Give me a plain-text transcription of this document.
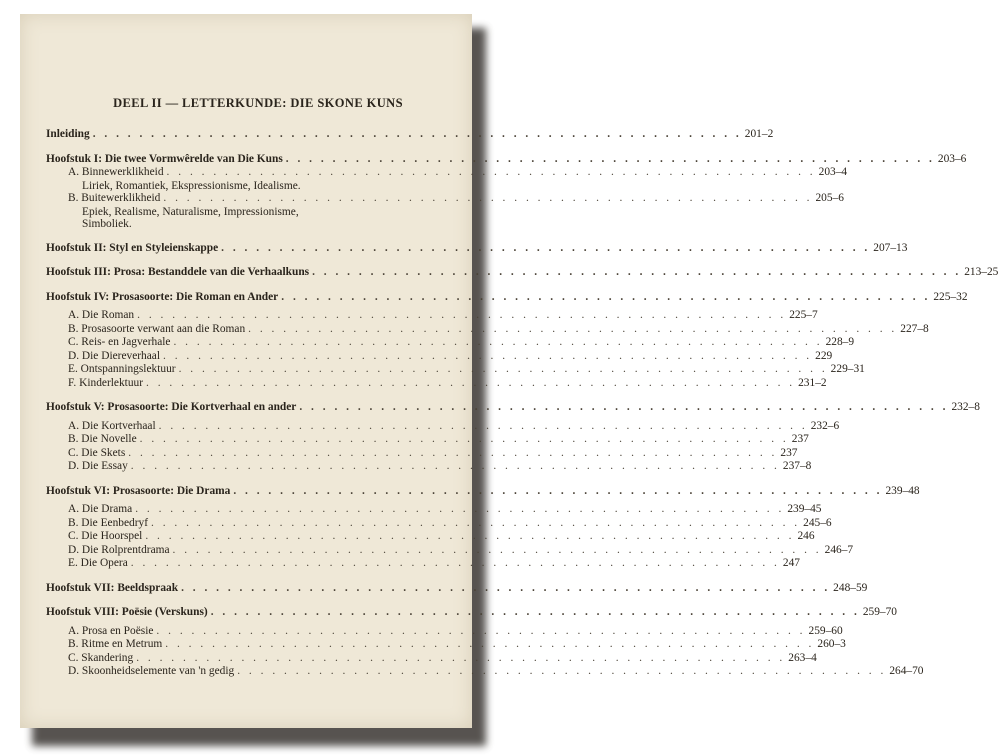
DEEL II — LETTERKUNDE: DIE SKONE KUNS
Inleiding . . . . . . . . . . . . . . . . . . . . . . . . . . . . . . . . . . . . . . . . . . . . . . . . . . . . . . . . 201–2
Hoofstuk I: Die twee Vormwêrelde van Die Kuns . . . . . . . . . . . . . . . . . . . . . . . . . . . . . . . . . . . . . . . . . . . . . . . . . . . . . . . . 203–6
A. Binnewerklikheid . . . . . . . . . . . . . . . . . . . . . . . . . . . . . . . . . . . . . . . . . . . . . . . . . . . . . . . . 203–4
Liriek, Romantiek, Ekspressionisme, Idealisme.
B. Buitewerklikheid . . . . . . . . . . . . . . . . . . . . . . . . . . . . . . . . . . . . . . . . . . . . . . . . . . . . . . . . 205–6
Epiek, Realisme, Naturalisme, Impressionisme,
Simboliek.
Hoofstuk II: Styl en Styleienskappe . . . . . . . . . . . . . . . . . . . . . . . . . . . . . . . . . . . . . . . . . . . . . . . . . . . . . . . . 207–13
Hoofstuk III: Prosa: Bestanddele van die Verhaalkuns . . . . . . . . . . . . . . . . . . . . . . . . . . . . . . . . . . . . . . . . . . . . . . . . . . . . . . . . 213–25
Hoofstuk IV: Prosasoorte: Die Roman en Ander . . . . . . . . . . . . . . . . . . . . . . . . . . . . . . . . . . . . . . . . . . . . . . . . . . . . . . . . 225–32
A. Die Roman . . . . . . . . . . . . . . . . . . . . . . . . . . . . . . . . . . . . . . . . . . . . . . . . . . . . . . . . 225–7
B. Prosasoorte verwant aan die Roman . . . . . . . . . . . . . . . . . . . . . . . . . . . . . . . . . . . . . . . . . . . . . . . . . . . . . . . . 227–8
C. Reis- en Jagverhale . . . . . . . . . . . . . . . . . . . . . . . . . . . . . . . . . . . . . . . . . . . . . . . . . . . . . . . . 228–9
D. Die Diereverhaal . . . . . . . . . . . . . . . . . . . . . . . . . . . . . . . . . . . . . . . . . . . . . . . . . . . . . . . . 229
E. Ontspanningslektuur . . . . . . . . . . . . . . . . . . . . . . . . . . . . . . . . . . . . . . . . . . . . . . . . . . . . . . . . 229–31
F. Kinderlektuur . . . . . . . . . . . . . . . . . . . . . . . . . . . . . . . . . . . . . . . . . . . . . . . . . . . . . . . . 231–2
Hoofstuk V: Prosasoorte: Die Kortverhaal en ander . . . . . . . . . . . . . . . . . . . . . . . . . . . . . . . . . . . . . . . . . . . . . . . . . . . . . . . . 232–8
A. Die Kortverhaal . . . . . . . . . . . . . . . . . . . . . . . . . . . . . . . . . . . . . . . . . . . . . . . . . . . . . . . . 232–6
B. Die Novelle . . . . . . . . . . . . . . . . . . . . . . . . . . . . . . . . . . . . . . . . . . . . . . . . . . . . . . . . 237
C. Die Skets . . . . . . . . . . . . . . . . . . . . . . . . . . . . . . . . . . . . . . . . . . . . . . . . . . . . . . . . 237
D. Die Essay . . . . . . . . . . . . . . . . . . . . . . . . . . . . . . . . . . . . . . . . . . . . . . . . . . . . . . . . 237–8
Hoofstuk VI: Prosasoorte: Die Drama . . . . . . . . . . . . . . . . . . . . . . . . . . . . . . . . . . . . . . . . . . . . . . . . . . . . . . . . 239–48
A. Die Drama . . . . . . . . . . . . . . . . . . . . . . . . . . . . . . . . . . . . . . . . . . . . . . . . . . . . . . . . 239–45
B. Die Eenbedryf . . . . . . . . . . . . . . . . . . . . . . . . . . . . . . . . . . . . . . . . . . . . . . . . . . . . . . . . 245–6
C. Die Hoorspel . . . . . . . . . . . . . . . . . . . . . . . . . . . . . . . . . . . . . . . . . . . . . . . . . . . . . . . . 246
D. Die Rolprentdrama . . . . . . . . . . . . . . . . . . . . . . . . . . . . . . . . . . . . . . . . . . . . . . . . . . . . . . . . 246–7
E. Die Opera . . . . . . . . . . . . . . . . . . . . . . . . . . . . . . . . . . . . . . . . . . . . . . . . . . . . . . . . 247
Hoofstuk VII: Beeldspraak . . . . . . . . . . . . . . . . . . . . . . . . . . . . . . . . . . . . . . . . . . . . . . . . . . . . . . . . 248–59
Hoofstuk VIII: Poësie (Verskuns) . . . . . . . . . . . . . . . . . . . . . . . . . . . . . . . . . . . . . . . . . . . . . . . . . . . . . . . . 259–70
A. Prosa en Poësie . . . . . . . . . . . . . . . . . . . . . . . . . . . . . . . . . . . . . . . . . . . . . . . . . . . . . . . . 259–60
B. Ritme en Metrum . . . . . . . . . . . . . . . . . . . . . . . . . . . . . . . . . . . . . . . . . . . . . . . . . . . . . . . . 260–3
C. Skandering . . . . . . . . . . . . . . . . . . . . . . . . . . . . . . . . . . . . . . . . . . . . . . . . . . . . . . . . 263–4
D. Skoonheidselemente van 'n gedig . . . . . . . . . . . . . . . . . . . . . . . . . . . . . . . . . . . . . . . . . . . . . . . . . . . . . . . . 264–70
